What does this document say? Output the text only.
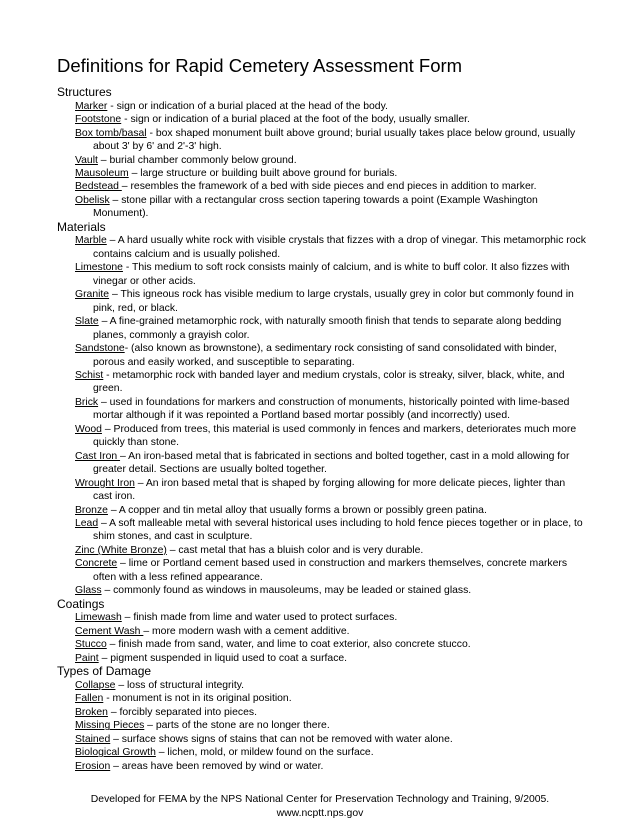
Definitions for Rapid Cemetery Assessment Form
Structures
Marker - sign or indication of a burial placed at the head of the body.
Footstone - sign or indication of a burial placed at the foot of the body, usually smaller.
Box tomb/basal - box shaped monument built above ground; burial usually takes place below ground, usually about 3' by 6' and 2'-3' high.
Vault – burial chamber commonly below ground.
Mausoleum – large structure or building built above ground for burials.
Bedstead – resembles the framework of a bed with side pieces and end pieces in addition to marker.
Obelisk – stone pillar with a rectangular cross section tapering towards a point (Example Washington Monument).
Materials
Marble – A hard usually white rock with visible crystals that fizzes with a drop of vinegar. This metamorphic rock contains calcium and is usually polished.
Limestone - This medium to soft rock consists mainly of calcium, and is white to buff color. It also fizzes with vinegar or other acids.
Granite – This igneous rock has visible medium to large crystals, usually grey in color but commonly found in pink, red, or black.
Slate – A fine-grained metamorphic rock, with naturally smooth finish that tends to separate along bedding planes, commonly a grayish color.
Sandstone- (also known as brownstone), a sedimentary rock consisting of sand consolidated with binder, porous and easily worked, and susceptible to separating.
Schist - metamorphic rock with banded layer and medium crystals, color is streaky, silver, black, white, and green.
Brick – used in foundations for markers and construction of monuments, historically pointed with lime-based mortar although if it was repointed a Portland based mortar possibly (and incorrectly) used.
Wood – Produced from trees, this material is used commonly in fences and markers, deteriorates much more quickly than stone.
Cast Iron – An iron-based metal that is fabricated in sections and bolted together, cast in a mold allowing for greater detail. Sections are usually bolted together.
Wrought Iron – An iron based metal that is shaped by forging allowing for more delicate pieces, lighter than cast iron.
Bronze – A copper and tin metal alloy that usually forms a brown or possibly green patina.
Lead – A soft malleable metal with several historical uses including to hold fence pieces together or in place, to shim stones, and cast in sculpture.
Zinc (White Bronze) – cast metal that has a bluish color and is very durable.
Concrete – lime or Portland cement based used in construction and markers themselves, concrete markers often with a less refined appearance.
Glass – commonly found as windows in mausoleums, may be leaded or stained glass.
Coatings
Limewash – finish made from lime and water used to protect surfaces.
Cement Wash – more modern wash with a cement additive.
Stucco – finish made from sand, water, and lime to coat exterior, also concrete stucco.
Paint – pigment suspended in liquid used to coat a surface.
Types of Damage
Collapse – loss of structural integrity.
Fallen - monument is not in its original position.
Broken – forcibly separated into pieces.
Missing Pieces – parts of the stone are no longer there.
Stained – surface shows signs of stains that can not be removed with water alone.
Biological Growth – lichen, mold, or mildew found on the surface.
Erosion – areas have been removed by wind or water.
Developed for FEMA by the NPS National Center for Preservation Technology and Training, 9/2005.
www.ncptt.nps.gov
